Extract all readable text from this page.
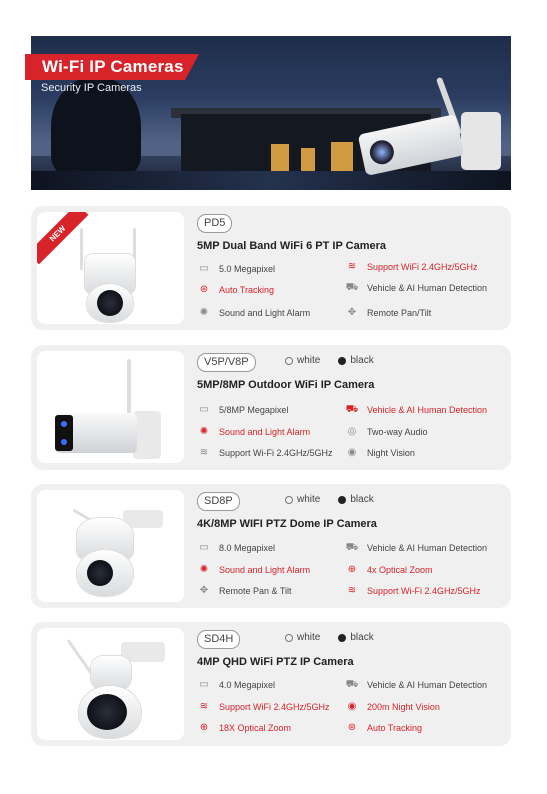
Wi-Fi IP Cameras
Security IP Cameras
NEW
PD5
5MP Dual Band WiFi 6 PT IP Camera
▭ 5.0 Megapixel	≋	Support WiFi 2.4GHz/5GHz
⊛	Auto Tracking	⛟ Vehicle & AI Human Detection
✺	Sound and Light Alarm	✥	Remote Pan/Tilt
V5P/V8P	white	black
5MP/8MP Outdoor WiFi IP Camera
▭ 5/8MP Megapixel	⛟ Vehicle & AI Human Detection
✺	Sound and Light Alarm	◎ Two-way Audio
≋	Support Wi-Fi 2.4GHz/5GHz ◉ Night Vision
SD8P	white	black
4K/8MP WIFI PTZ Dome IP Camera
▭ 8.0 Megapixel	⛟ Vehicle & AI Human Detection
✺	Sound and Light Alarm	⊕	4x Optical Zoom
✥	Remote Pan & Tilt	≋	Support Wi-Fi 2.4GHz/5GHz
SD4H	white	black
4MP QHD WiFi PTZ IP Camera
▭ 4.0 Megapixel	⛟ Vehicle & AI Human Detection
≋	Support WiFi 2.4GHz/5GHz ◉ 200m Night Vision
⊕	18X Optical Zoom	⊛	Auto Tracking
